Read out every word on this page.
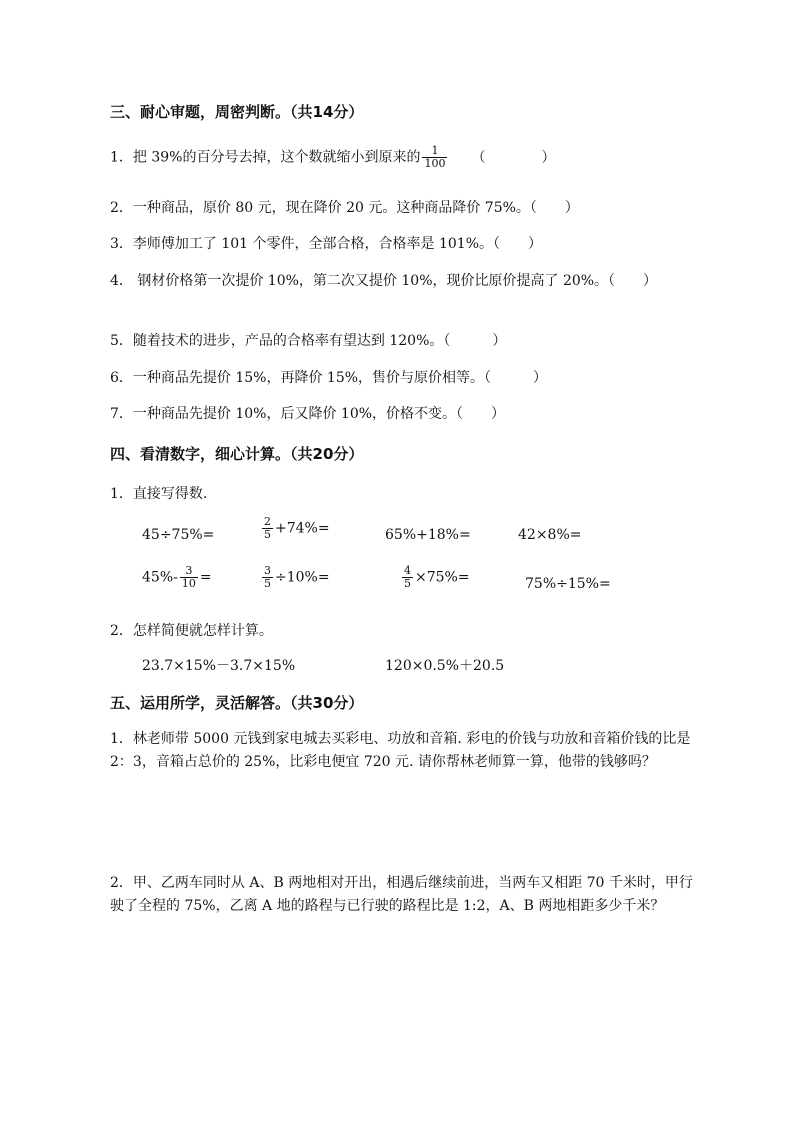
三、耐心审题，周密判断。（共14分）
1．把 39%的百分号去掉，这个数就缩小到原来的 $\frac{1}{100}$ （　　　　）
2．一种商品，原价 80 元，现在降价 20 元。这种商品降价 75%。（　　）
3．李师傅加工了 101 个零件，全部合格，合格率是 101%。（　　）
4． 钢材价格第一次提价 10%，第二次又提价 10%，现价比原价提高了 20%。（　　）
5．随着技术的进步，产品的合格率有望达到 120%。（　　　）
6．一种商品先提价 15%，再降价 15%，售价与原价相等。（　　　）
7．一种商品先提价 10%，后又降价 10%，价格不变。（　　）
四、看清数字，细心计算。（共20分）
1．直接写得数.
45÷75%=	$\frac{2}{5} +74\%=$	65%+18%=	42×8%=
$45\%- \frac{3}{10}$ =	$\frac{3}{5} \div 10\%=$	$\frac{4}{5} \times 75\%=$	75%÷15%=
2．怎样简便就怎样计算。
23.7×15%－3.7×15%	120×0.5%＋20.5
五、运用所学，灵活解答。（共30分）
1．林老师带 5000 元钱到家电城去买彩电、功放和音箱. 彩电的价钱与功放和音箱价钱的比是 2：3，音箱占总价的 25%，比彩电便宜 720 元. 请你帮林老师算一算，他带的钱够吗？
2．甲、乙两车同时从 A、B 两地相对开出，相遇后继续前进，当两车又相距 70 千米时，甲行驶了全程的 75%，乙离 A 地的路程与已行驶的路程比是 1:2，A、B 两地相距多少千米？
